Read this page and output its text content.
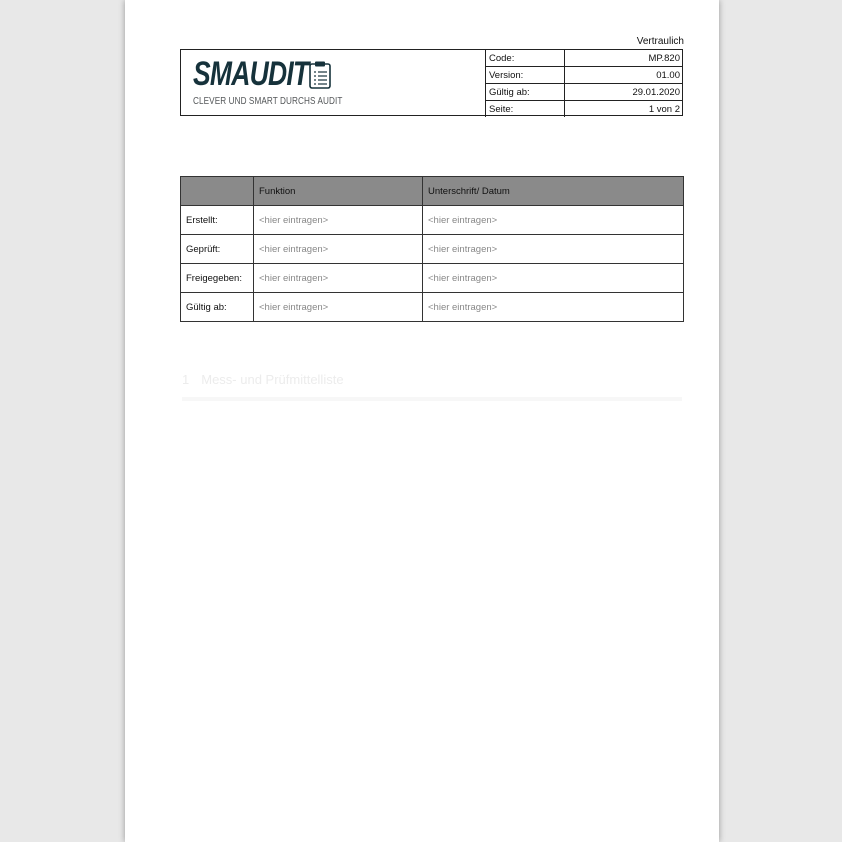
Vertraulich
SMAUDIT
CLEVER UND SMART DURCHS AUDIT
Code:	MP.820
Version:	01.00
Gültig ab:	29.01.2020
Seite:	1 von 2
	Funktion	Unterschrift/ Datum
Erstellt:	<hier eintragen>	<hier eintragen>
Geprüft:	<hier eintragen>	<hier eintragen>
Freigegeben:	<hier eintragen>	<hier eintragen>
Gültig ab:	<hier eintragen>	<hier eintragen>
1 Mess- und Prüfmittelliste
